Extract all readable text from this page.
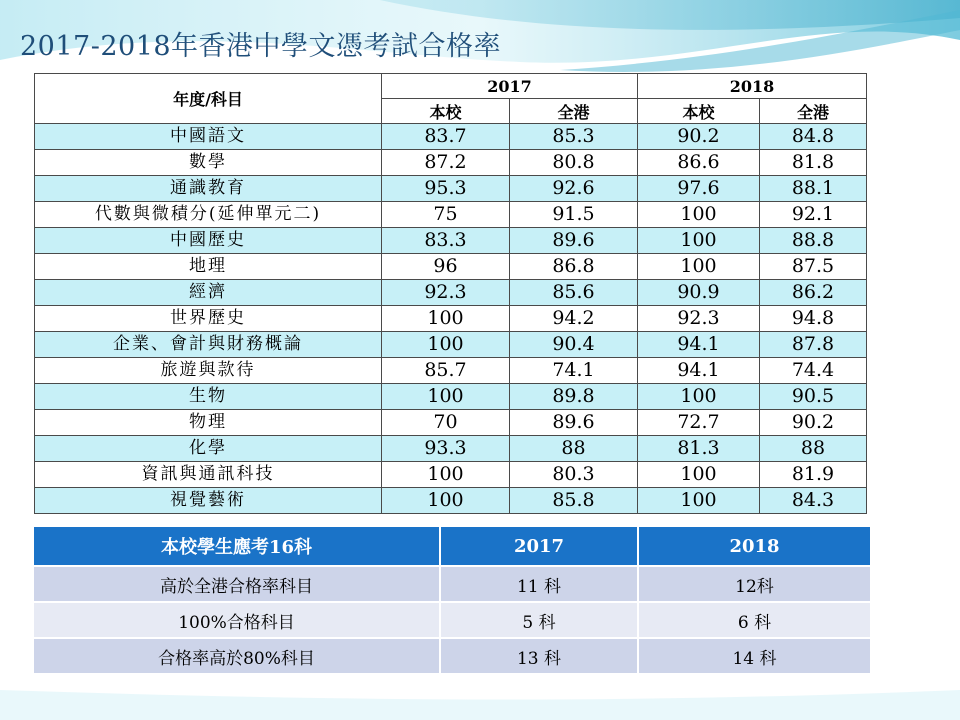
2017-2018年香港中學文憑考試合格率
年度/科目	2017		2018	
	本校	全港	本校	全港
中國語文	83.7	85.3	90.2	84.8
數學	87.2	80.8	86.6	81.8
通識教育	95.3	92.6	97.6	88.1
代數與微積分(延伸單元二)	75	91.5	100	92.1
中國歷史	83.3	89.6	100	88.8
地理	96	86.8	100	87.5
經濟	92.3	85.6	90.9	86.2
世界歷史	100	94.2	92.3	94.8
企業、會計與財務概論	100	90.4	94.1	87.8
旅遊與款待	85.7	74.1	94.1	74.4
生物	100	89.8	100	90.5
物理	70	89.6	72.7	90.2
化學	93.3	88	81.3	88
資訊與通訊科技	100	80.3	100	81.9
視覺藝術	100	85.8	100	84.3
本校學生應考16科	2017	2018
高於全港合格率科目	11 科	12科
100%合格科目	5 科	6 科
合格率高於80%科目	13 科	14 科
